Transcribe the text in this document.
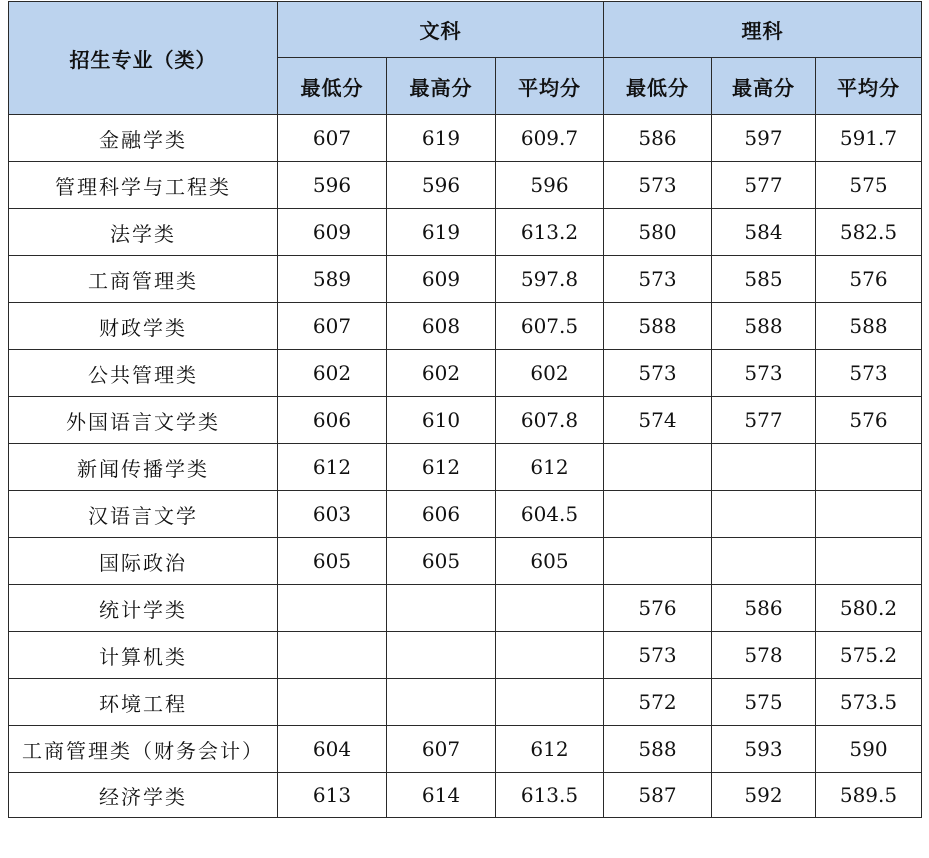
招生专业（类）	文科			理科		
	最低分	最高分	平均分	最低分	最高分	平均分
金融学类	607	619	609.7	586	597	591.7
管理科学与工程类	596	596	596	573	577	575
法学类	609	619	613.2	580	584	582.5
工商管理类	589	609	597.8	573	585	576
财政学类	607	608	607.5	588	588	588
公共管理类	602	602	602	573	573	573
外国语言文学类	606	610	607.8	574	577	576
新闻传播学类	612	612	612			
汉语言文学	603	606	604.5			
国际政治	605	605	605			
统计学类				576	586	580.2
计算机类				573	578	575.2
环境工程				572	575	573.5
工商管理类（财务会计）	604	607	612	588	593	590
经济学类	613	614	613.5	587	592	589.5
